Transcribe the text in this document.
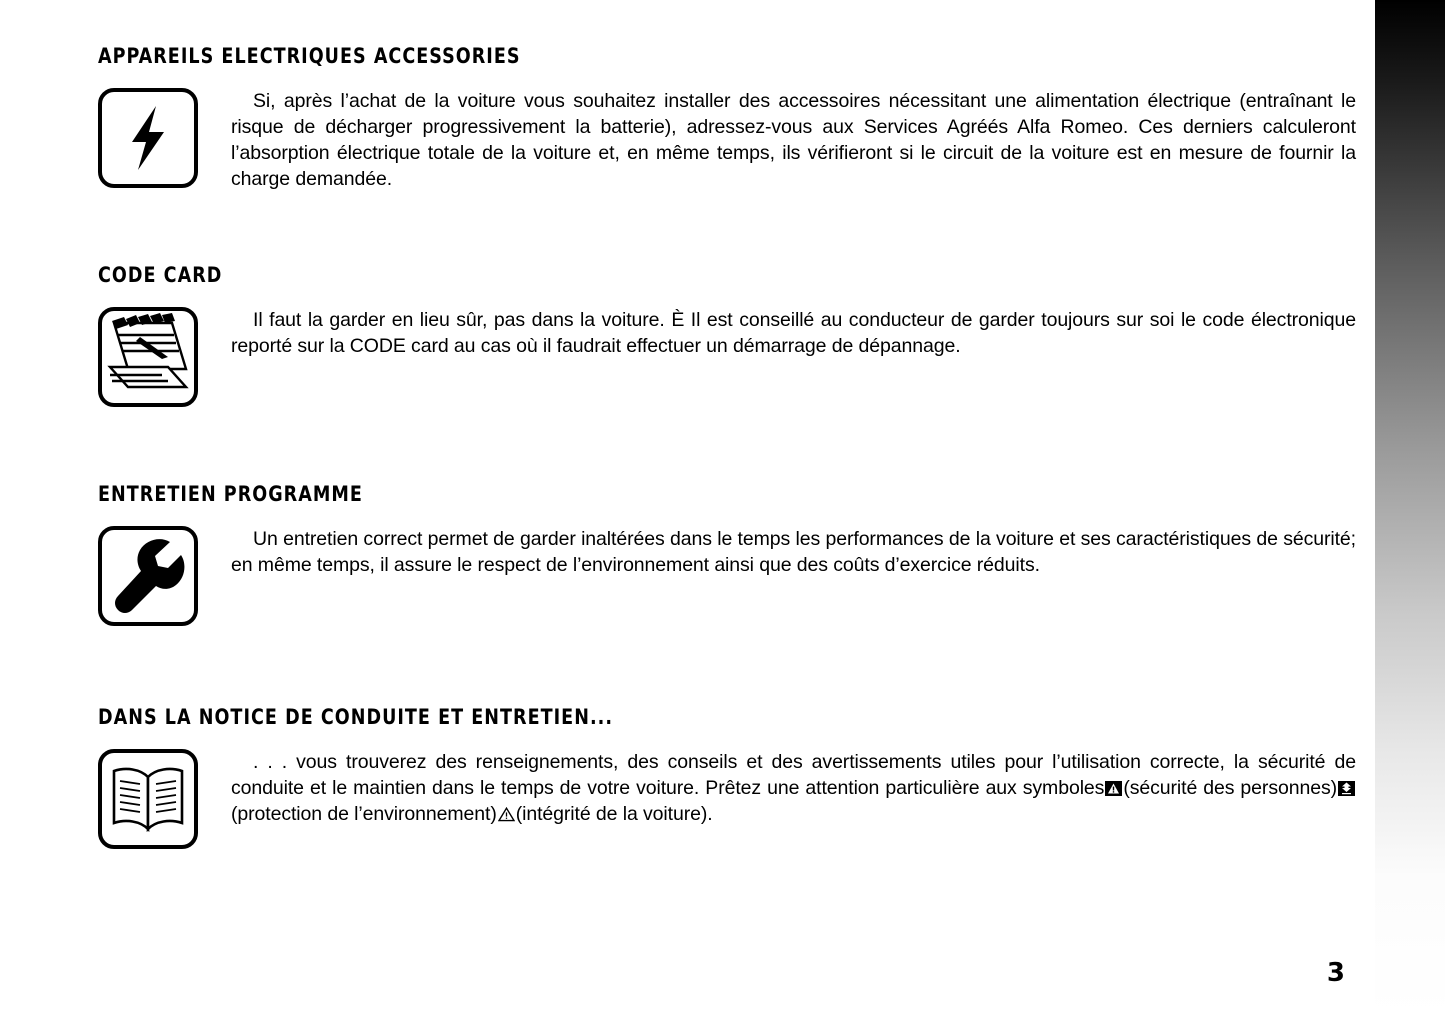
APPAREILS ELECTRIQUES ACCESSORIES

Si, après l’achat de la voiture vous souhaitez installer des accessoires nécessitant une alimentation électrique (entraînant le risque de décharger progressivement la batterie), adressez-vous aux Services Agréés Alfa Romeo. Ces derniers calculeront l’absorption électrique totale de la voiture et, en même temps, ils vérifieront si le circuit de la voiture est en mesure de fournir la charge demandée.

CODE CARD

Il faut la garder en lieu sûr, pas dans la voiture. È Il est conseillé au conducteur de garder toujours sur soi le code électronique reporté sur la CODE card au cas où il faudrait effectuer un démarrage de dépannage.

ENTRETIEN PROGRAMME

Un entretien correct permet de garder inaltérées dans le temps les performances de la voiture et ses caractéristiques de sécurité; en même temps, il assure le respect de l’environnement ainsi que des coûts d’exercice réduits.

DANS LA NOTICE DE CONDUITE ET ENTRETIEN...

. . . vous trouverez des renseignements, des conseils et des avertissements utiles pour l’utilisation correcte, la sécurité de conduite et le maintien dans le temps de votre voiture. Prêtez une attention particulière aux symboles (sécurité des personnes)(protection de l’environnement) (intégrité de la voiture).

3
